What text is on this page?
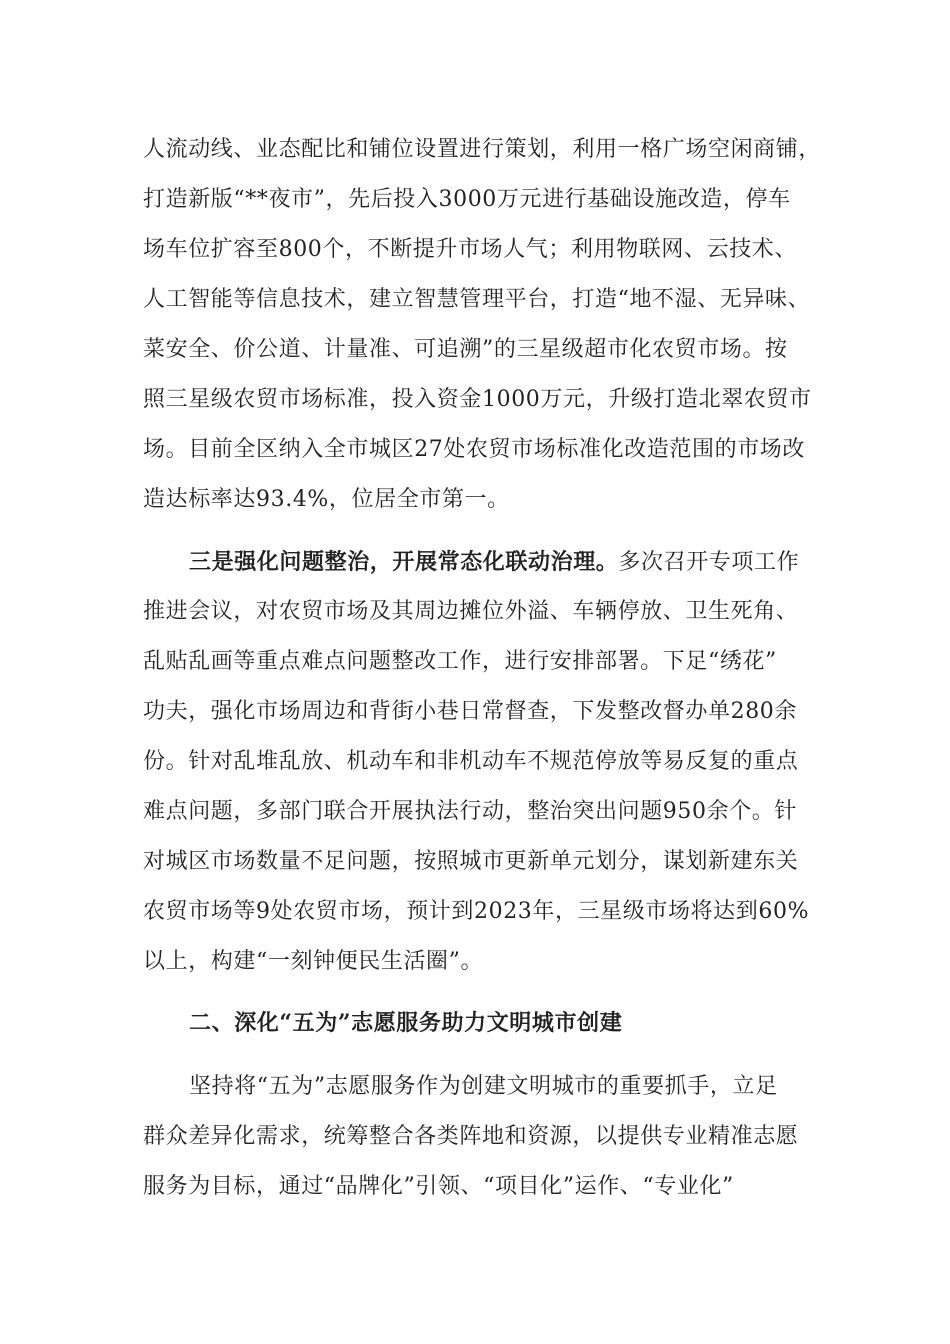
人流动线、业态配比和铺位设置进行策划，利用一格广场空闲商铺，
打造新版“**夜市”，先后投入3000万元进行基础设施改造，停车
场车位扩容至800个，不断提升市场人气；利用物联网、云技术、
人工智能等信息技术，建立智慧管理平台，打造“地不湿、无异味、
菜安全、价公道、计量准、可追溯”的三星级超市化农贸市场。按
照三星级农贸市场标准，投入资金1000万元，升级打造北翠农贸市
场。目前全区纳入全市城区27处农贸市场标准化改造范围的市场改
造达标率达93.4%，位居全市第一。
三是强化问题整治，开展常态化联动治理。多次召开专项工作
推进会议，对农贸市场及其周边摊位外溢、车辆停放、卫生死角、
乱贴乱画等重点难点问题整改工作，进行安排部署。下足“绣花”
功夫，强化市场周边和背街小巷日常督查，下发整改督办单280余
份。针对乱堆乱放、机动车和非机动车不规范停放等易反复的重点
难点问题，多部门联合开展执法行动，整治突出问题950余个。针
对城区市场数量不足问题，按照城市更新单元划分，谋划新建东关
农贸市场等9处农贸市场，预计到2023年，三星级市场将达到60%
以上，构建“一刻钟便民生活圈”。
二、深化“五为”志愿服务助力文明城市创建
坚持将“五为”志愿服务作为创建文明城市的重要抓手，立足
群众差异化需求，统筹整合各类阵地和资源，以提供专业精准志愿
服务为目标，通过“品牌化”引领、“项目化”运作、“专业化”
